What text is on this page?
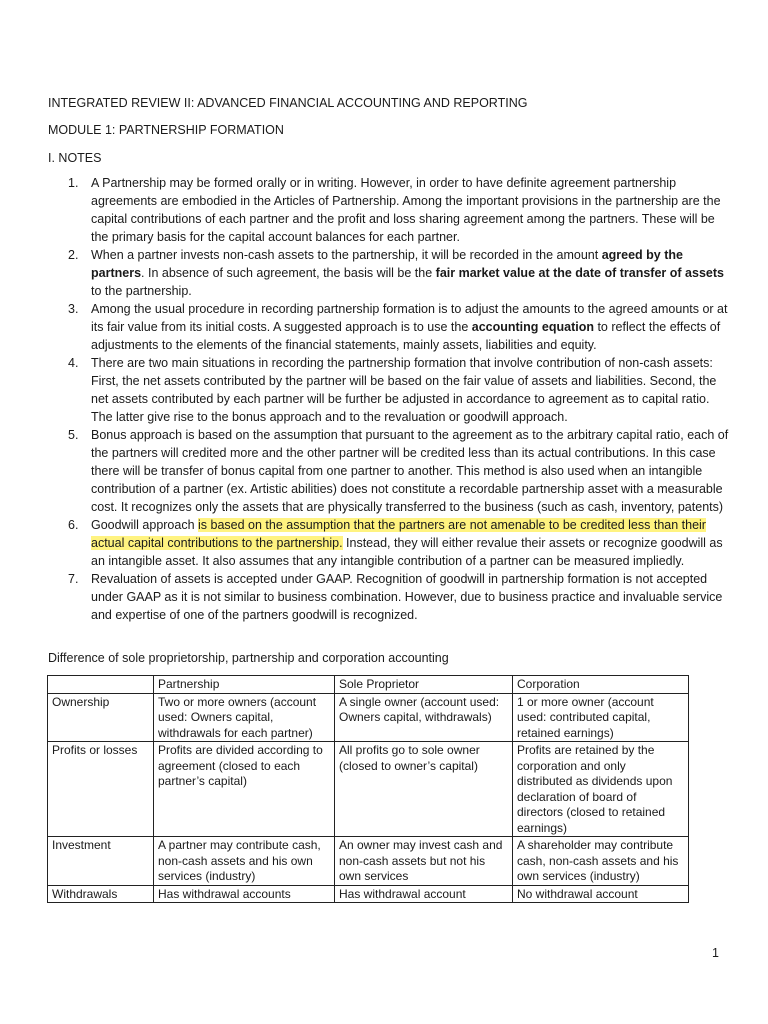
INTEGRATED REVIEW II: ADVANCED FINANCIAL ACCOUNTING AND REPORTING
MODULE 1: PARTNERSHIP FORMATION
I. NOTES
1. A Partnership may be formed orally or in writing. However, in order to have definite agreement partnership agreements are embodied in the Articles of Partnership. Among the important provisions in the partnership are the capital contributions of each partner and the profit and loss sharing agreement among the partners. These will be the primary basis for the capital account balances for each partner.
2. When a partner invests non-cash assets to the partnership, it will be recorded in the amount agreed by the partners. In absence of such agreement, the basis will be the fair market value at the date of transfer of assets to the partnership.
3. Among the usual procedure in recording partnership formation is to adjust the amounts to the agreed amounts or at its fair value from its initial costs. A suggested approach is to use the accounting equation to reflect the effects of adjustments to the elements of the financial statements, mainly assets, liabilities and equity.
4. There are two main situations in recording the partnership formation that involve contribution of non-cash assets: First, the net assets contributed by the partner will be based on the fair value of assets and liabilities. Second, the net assets contributed by each partner will be further be adjusted in accordance to agreement as to capital ratio. The latter give rise to the bonus approach and to the revaluation or goodwill approach.
5. Bonus approach is based on the assumption that pursuant to the agreement as to the arbitrary capital ratio, each of the partners will credited more and the other partner will be credited less than its actual contributions. In this case there will be transfer of bonus capital from one partner to another. This method is also used when an intangible contribution of a partner (ex. Artistic abilities) does not constitute a recordable partnership asset with a measurable cost. It recognizes only the assets that are physically transferred to the business (such as cash, inventory, patents)
6. Goodwill approach is based on the assumption that the partners are not amenable to be credited less than their actual capital contributions to the partnership. Instead, they will either revalue their assets or recognize goodwill as an intangible asset. It also assumes that any intangible contribution of a partner can be measured impliedly.
7. Revaluation of assets is accepted under GAAP. Recognition of goodwill in partnership formation is not accepted under GAAP as it is not similar to business combination. However, due to business practice and invaluable service and expertise of one of the partners goodwill is recognized.
Difference of sole proprietorship, partnership and corporation accounting
	Partnership	Sole Proprietor	Corporation
Ownership	Two or more owners (account used: Owners capital, withdrawals for each partner)	A single owner (account used: Owners capital, withdrawals)	1 or more owner (account used: contributed capital, retained earnings)
Profits or losses	Profits are divided according to agreement (closed to each partner’s capital)	All profits go to sole owner (closed to owner’s capital)	Profits are retained by the corporation and only distributed as dividends upon declaration of board of directors (closed to retained earnings)
Investment	A partner may contribute cash, non-cash assets and his own services (industry)	An owner may invest cash and non-cash assets but not his own services	A shareholder may contribute cash, non-cash assets and his own services (industry)
Withdrawals	Has withdrawal accounts	Has withdrawal account	No withdrawal account
1
